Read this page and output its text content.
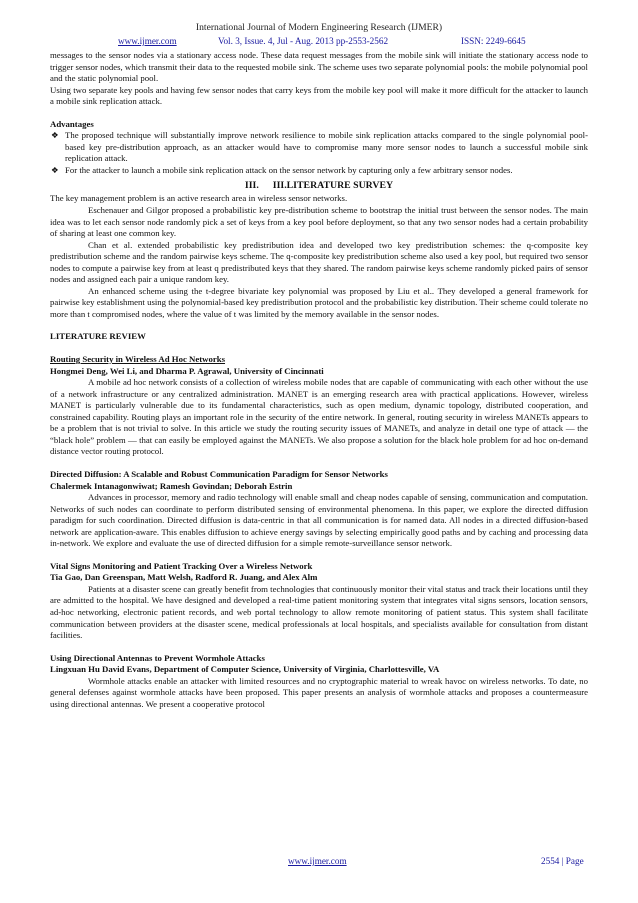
International Journal of Modern Engineering Research (IJMER)
www.ijmer.com	Vol. 3, Issue. 4, Jul - Aug. 2013 pp-2553-2562	ISSN: 2249-6645
messages to the sensor nodes via a stationary access node. These data request messages from the mobile sink will initiate the stationary access node to trigger sensor nodes, which transmit their data to the requested mobile sink. The scheme uses two separate polynomial pools: the mobile polynomial pool and the static polynomial pool.
Using two separate key pools and having few sensor nodes that carry keys from the mobile key pool will make it more difficult for the attacker to launch a mobile sink replication attack.
Advantages
❖ The proposed technique will substantially improve network resilience to mobile sink replication attacks compared to the single polynomial pool-based key pre-distribution approach, as an attacker would have to compromise many more sensor nodes to launch a successful mobile sink replication attack.
❖ For the attacker to launch a mobile sink replication attack on the sensor network by capturing only a few arbitrary sensor nodes.
III. III.LITERATURE SURVEY
The key management problem is an active research area in wireless sensor networks.
Eschenauer and Gilgor proposed a probabilistic key pre-distribution scheme to bootstrap the initial trust between the sensor nodes. The main idea was to let each sensor node randomly pick a set of keys from a key pool before deployment, so that any two sensor nodes had a certain probability of sharing at least one common key.
Chan et al. extended probabilistic key predistribution idea and developed two key predistribution schemes: the q-composite key predistribution scheme and the random pairwise keys scheme. The q-composite key predistribution scheme also used a key pool, but required two sensor nodes to compute a pairwise key from at least q predistributed keys that they shared. The random pairwise keys scheme randomly picked pairs of sensor nodes and assigned each pair a unique random key.
An enhanced scheme using the t-degree bivariate key polynomial was proposed by Liu et al.. They developed a general framework for pairwise key establishment using the polynomial-based key predistribution protocol and the probabilistic key distribution. Their scheme could tolerate no more than t compromised nodes, where the value of t was limited by the memory available in the sensor nodes.
LITERATURE REVIEW
Routing Security in Wireless Ad Hoc Networks
Hongmei Deng, Wei Li, and Dharma P. Agrawal, University of Cincinnati
A mobile ad hoc network consists of a collection of wireless mobile nodes that are capable of communicating with each other without the use of a network infrastructure or any centralized administration. MANET is an emerging research area with practical applications. However, wireless MANET is particularly vulnerable due to its fundamental characteristics, such as open medium, dynamic topology, distributed cooperation, and constrained capability. Routing plays an important role in the security of the entire network. In general, routing security in wireless MANETs appears to be a problem that is not trivial to solve. In this article we study the routing security issues of MANETs, and analyze in detail one type of attack — the “black hole” problem — that can easily be employed against the MANETs. We also propose a solution for the black hole problem for ad hoc on-demand distance vector routing protocol.
Directed Diffusion: A Scalable and Robust Communication Paradigm for Sensor Networks
Chalermek Intanagonwiwat; Ramesh Govindan; Deborah Estrin
Advances in processor, memory and radio technology will enable small and cheap nodes capable of sensing, communication and computation. Networks of such nodes can coordinate to perform distributed sensing of environmental phenomena. In this paper, we explore the directed diffusion paradigm for such coordination. Directed diffusion is data-centric in that all communication is for named data. All nodes in a directed diffusion-based network are application-aware. This enables diffusion to achieve energy savings by selecting empirically good paths and by caching and processing data in-network. We explore and evaluate the use of directed diffusion for a simple remote-surveillance sensor network.
Vital Signs Monitoring and Patient Tracking Over a Wireless Network
Tia Gao, Dan Greenspan, Matt Welsh, Radford R. Juang, and Alex Alm
Patients at a disaster scene can greatly benefit from technologies that continuously monitor their vital status and track their locations until they are admitted to the hospital. We have designed and developed a real-time patient monitoring system that integrates vital signs sensors, location sensors, ad-hoc networking, electronic patient records, and web portal technology to allow remote monitoring of patient status. This system shall facilitate communication between providers at the disaster scene, medical professionals at local hospitals, and specialists available for consultation from distant facilities.
Using Directional Antennas to Prevent Wormhole Attacks
Lingxuan Hu David Evans, Department of Computer Science, University of Virginia, Charlottesville, VA
Wormhole attacks enable an attacker with limited resources and no cryptographic material to wreak havoc on wireless networks. To date, no general defenses against wormhole attacks have been proposed. This paper presents an analysis of wormhole attacks and proposes a countermeasure using directional antennas. We present a cooperative protocol
www.ijmer.com	2554 | Page
